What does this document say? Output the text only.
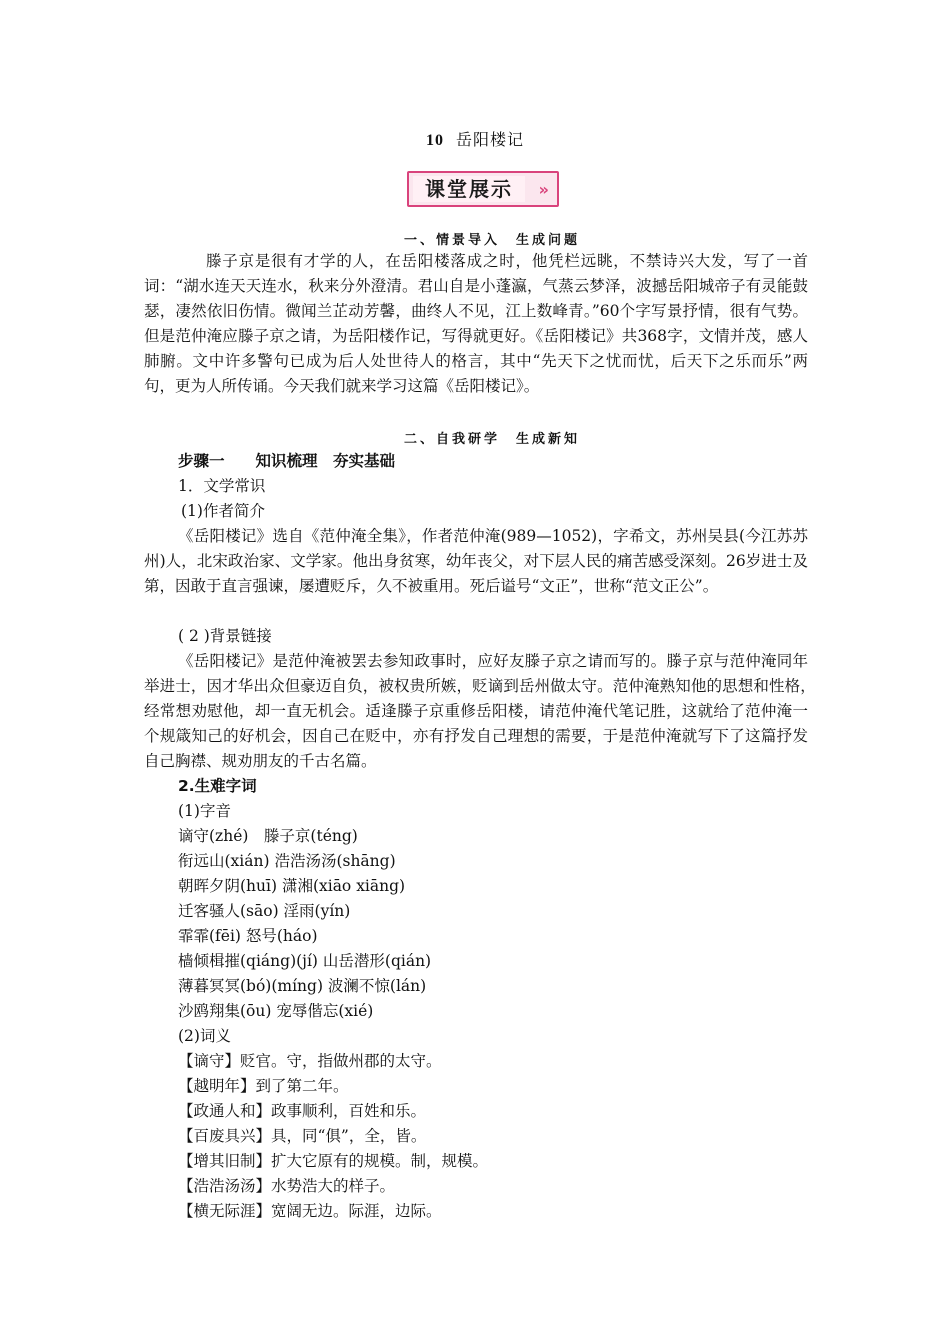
10 岳阳楼记
课堂展示	»
一、情景导入　生成问题

滕子京是很有才学的人，在岳阳楼落成之时，他凭栏远眺，不禁诗兴大发，写了一首词：“湖水连天天连水，秋来分外澄清。君山自是小蓬瀛，气蒸云梦泽，波撼岳阳城帝子有灵能鼓瑟，凄然依旧伤情。微闻兰芷动芳馨，曲终人不见，江上数峰青。”60个字写景抒情，很有气势。但是范仲淹应滕子京之请，为岳阳楼作记，写得就更好。《岳阳楼记》共368字，文情并茂，感人肺腑。文中许多警句已成为后人处世待人的格言，其中“先天下之忧而忧，后天下之乐而乐”两句，更为人所传诵。今天我们就来学习这篇《岳阳楼记》。

二、自我研学　生成新知
步骤一　　知识梳理　夯实基础
1．文学常识
(1)作者简介

《岳阳楼记》选自《范仲淹全集》，作者范仲淹(989—1052)，字希文，苏州吴县(今江苏苏州)人，北宋政治家、文学家。他出身贫寒，幼年丧父，对下层人民的痛苦感受深刻。26岁进士及第，因敢于直言强谏，屡遭贬斥，久不被重用。死后谥号“文正”，世称“范文正公”。

( 2 )背景链接

《岳阳楼记》是范仲淹被罢去参知政事时，应好友滕子京之请而写的。滕子京与范仲淹同年举进士，因才华出众但豪迈自负，被权贵所嫉，贬谪到岳州做太守。范仲淹熟知他的思想和性格，　经常想劝慰他，却一直无机会。适逢滕子京重修岳阳楼，请范仲淹代笔记胜，这就给了范仲淹一个规箴知己的好机会，因自己在贬中，亦有抒发自己理想的需要，于是范仲淹就写下了这篇抒发自己胸襟、规劝朋友的千古名篇。

2.生难字词
(1)字音
谪守(zhé)　滕子京(téng)
衔远山(xián) 浩浩汤汤(shāng)
朝晖夕阴(huī) 潇湘(xiāo xiāng)
迁客骚人(sāo) 淫雨(yín)
霏霏(fēi) 怒号(háo)
樯倾楫摧(qiáng)(jí) 山岳潜形(qián)
薄暮冥冥(bó)(míng) 波澜不惊(lán)
沙鸥翔集(ōu) 宠辱偕忘(xié)
(2)词义
【谪守】贬官。守，指做州郡的太守。
【越明年】到了第二年。
【政通人和】政事顺利，百姓和乐。
【百废具兴】具，同“俱”，全，皆。
【增其旧制】扩大它原有的规模。制，规模。
【浩浩汤汤】水势浩大的样子。
【横无际涯】宽阔无边。际涯，边际。
